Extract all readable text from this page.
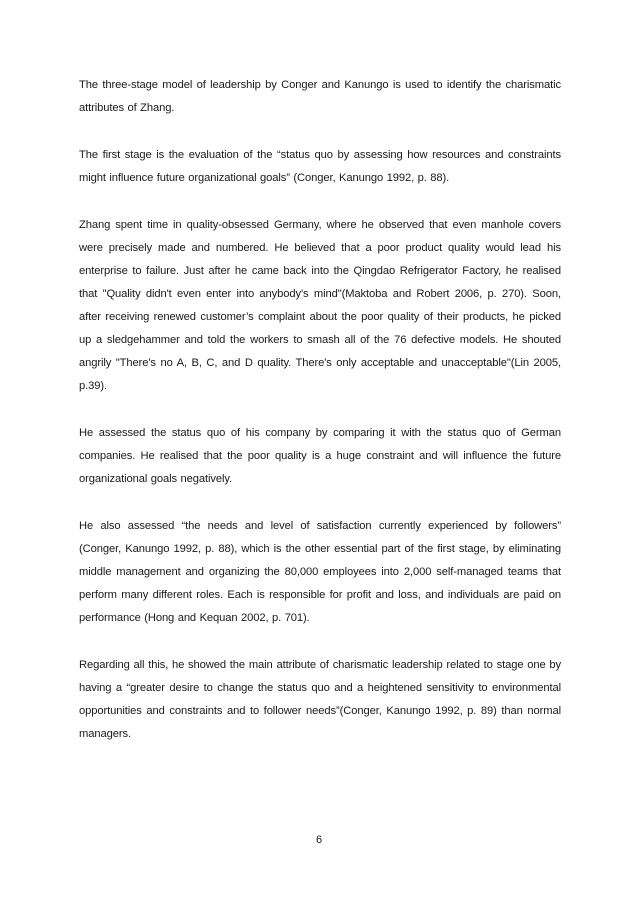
The three-stage model of leadership by Conger and Kanungo is used to identify the charismatic attributes of Zhang.

The first stage is the evaluation of the “status quo by assessing how resources and constraints might influence future organizational goals” (Conger, Kanungo 1992, p. 88).

Zhang spent time in quality-obsessed Germany, where he observed that even manhole covers were precisely made and numbered. He believed that a poor product quality would lead his enterprise to failure. Just after he came back into the Qingdao Refrigerator Factory, he realised that "Quality didn't even enter into anybody's mind"(Maktoba and Robert 2006, p. 270). Soon, after receiving renewed customer’s complaint about the poor quality of their products, he picked up a sledgehammer and told the workers to smash all of the 76 defective models. He shouted angrily "There's no A, B, C, and D quality. There's only acceptable and unacceptable"(Lin 2005, p.39).

He assessed the status quo of his company by comparing it with the status quo of German companies. He realised that the poor quality is a huge constraint and will influence the future organizational goals negatively.

He also assessed “the needs and level of satisfaction currently experienced by followers” (Conger, Kanungo 1992, p. 88), which is the other essential part of the first stage, by eliminating middle management and organizing the 80,000 employees into 2,000 self-managed teams that perform many different roles. Each is responsible for profit and loss, and individuals are paid on performance (Hong and Kequan 2002, p. 701).

Regarding all this, he showed the main attribute of charismatic leadership related to stage one by having a “greater desire to change the status quo and a heightened sensitivity to environmental opportunities and constraints and to follower needs”(Conger, Kanungo 1992, p. 89) than normal managers.

6
